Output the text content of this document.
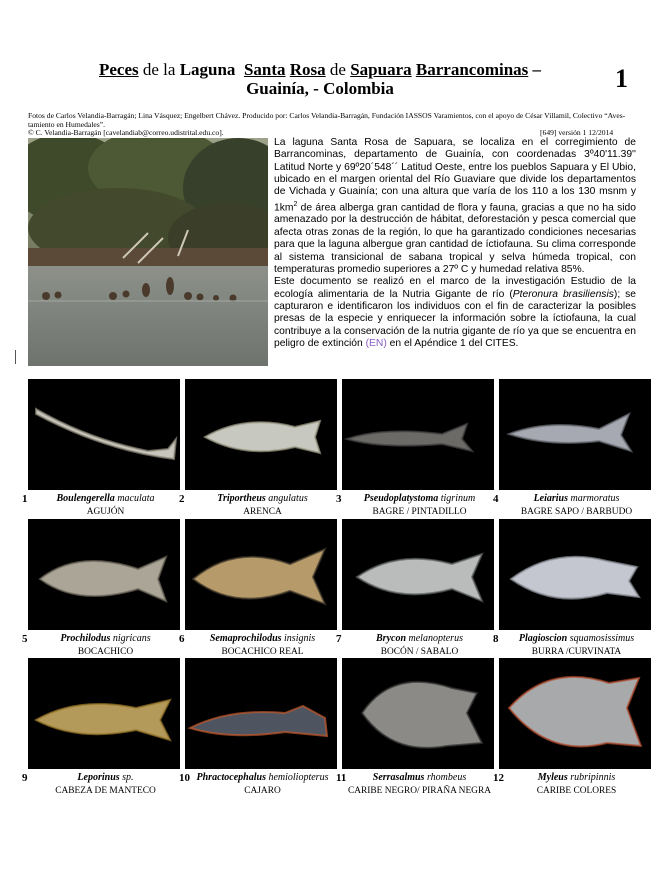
Peces de la Laguna Santa Rosa de Sapuara Barrancominas –
Guainía, - Colombia	1
Fotos de Carlos Velandia-Barragán; Lina Vásquez; Engelbert Chávez. Producido por: Carlos Velandia-Barragán, Fundación IASSOS Varamientos, con el apoyo de César Villamil, Colectivo “Aves-tamiento en Humedales”.
© C. Velandia-Barragán [cavelandiab@correo.udistrital.edu.co].	[649] versión 1 12/2014

La laguna Santa Rosa de Sapuara, se localiza en el corregimiento de Barrancominas, departamento de Guainía, con coordenadas 3º40'11.39'' Latitud Norte y 69º20´548´´ Latitud Oeste, entre los pueblos Sapuara y El Ubio, ubicado en el margen oriental del Río Guaviare que divide los departamentos de Vichada y Guainía; con una altura que varía de los 110 a los 130 msnm y $1km^2$ de área alberga gran cantidad de flora y fauna, gracias a que no ha sido amenazado por la destrucción de hábitat, deforestación y pesca comercial que afecta otras zonas de la región, lo que ha garantizado condiciones necesarias para que la laguna albergue gran cantidad de íctiofauna. Su clima corresponde al sistema transicional de sabana tropical y selva húmeda tropical, con temperaturas promedio superiores a 27º C y humedad relativa 85%.

Este documento se realizó en el marco de la investigación Estudio de la ecología alimentaria de la Nutria Gigante de río (Pteronura brasiliensis); se capturaron e identificaron los individuos con el fin de caracterizar la posibles presas de la especie y enriquecer la información sobre la íctiofauna, la cual contribuye a la conservación de la nutria gigante de río ya que se encuentra en peligro de extinción (EN) en el Apéndice 1 del CITES.

1	Boulengerella maculata
AGUJÓN
2	Triportheus angulatus
ARENCA
3	Pseudoplatystoma tigrinum
BAGRE / PINTADILLO
4	Leiarius marmoratus
BAGRE SAPO / BARBUDO
5	Prochilodus nigricans
BOCACHICO
6	Semaprochilodus insignis
BOCACHICO REAL
7	Brycon melanopterus
BOCÓN / SABALO
8	Plagioscion squamosissimus
BURRA /CURVINATA
9	Leporinus sp.
CABEZA DE MANTECO
10 Phractocephalus hemioliopterus
CAJARO
11	Serrasalmus rhombeus
CARIBE NEGRO/ PIRAÑA NEGRA
12	Myleus rubripinnis
CARIBE COLORES
